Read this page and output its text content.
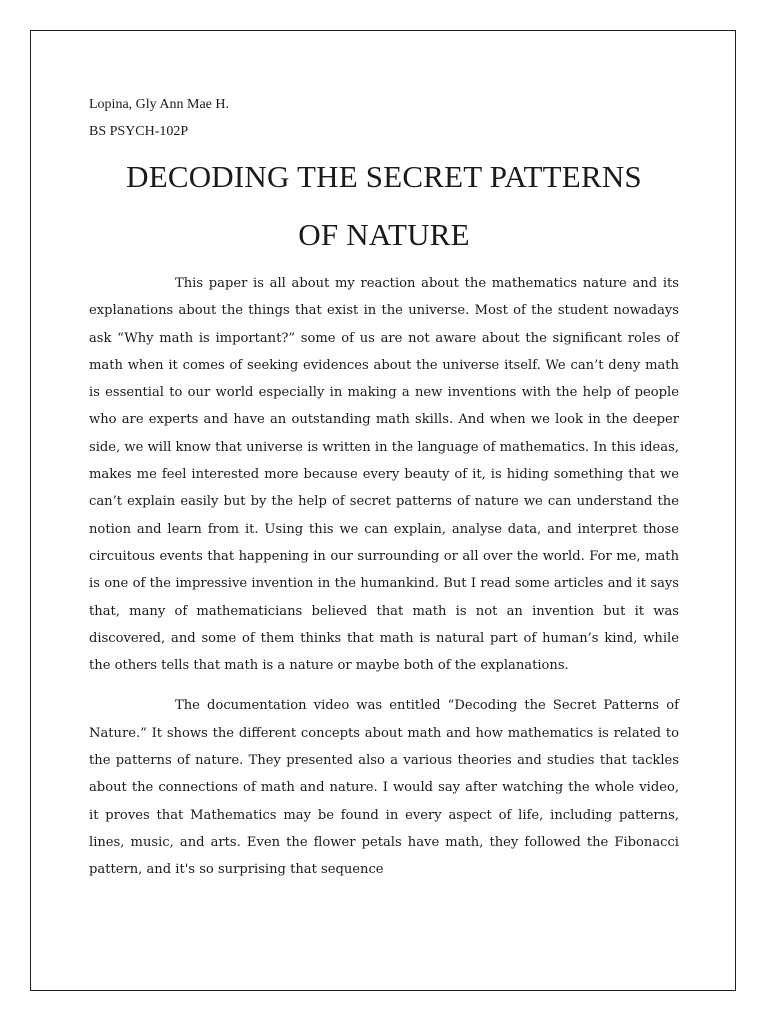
Lopina, Gly Ann Mae H.

BS PSYCH-102P

DECODING THE SECRET PATTERNS

OF NATURE

This paper is all about my reaction about the mathematics nature and its explanations about the things that exist in the universe. Most of the student nowadays ask “Why math is important?” some of us are not aware about the significant roles of math when it comes of seeking evidences about the universe itself. We can’t deny math is essential to our world especially in making a new inventions with the help of people who are experts and have an outstanding math skills. And when we look in the deeper side, we will know that universe is written in the language of mathematics. In this ideas, makes me feel interested more because every beauty of it, is hiding something that we can’t explain easily but by the help of secret patterns of nature we can understand the notion and learn from it. Using this we can explain, analyse data, and interpret those circuitous events that happening in our surrounding or all over the world. For me, math is one of the impressive invention in the humankind. But I read some articles and it says that, many of mathematicians believed that math is not an invention but it was discovered, and some of them thinks that math is natural part of human’s kind, while the others tells that math is a nature or maybe both of the explanations.

The documentation video was entitled “Decoding the Secret Patterns of Nature.” It shows the different concepts about math and how mathematics is related to the patterns of nature. They presented also a various theories and studies that tackles about the connections of math and nature. I would say after watching the whole video, it proves that Mathematics may be found in every aspect of life, including patterns, lines, music, and arts. Even the flower petals have math, they followed the Fibonacci pattern, and it's so surprising that sequence
